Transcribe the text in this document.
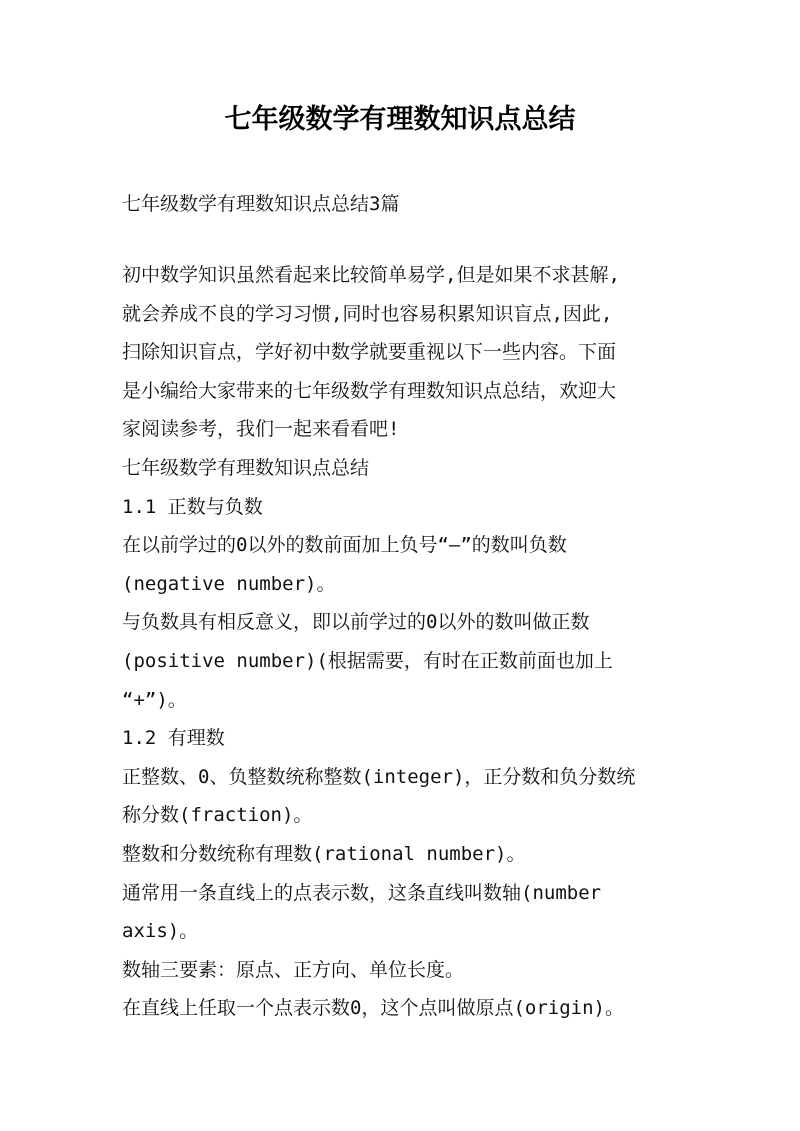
七年级数学有理数知识点总结

七年级数学有理数知识点总结3篇

初中数学知识虽然看起来比较简单易学,但是如果不求甚解,
就会养成不良的学习习惯,同时也容易积累知识盲点,因此,
扫除知识盲点，学好初中数学就要重视以下一些内容。下面
是小编给大家带来的七年级数学有理数知识点总结，欢迎大
家阅读参考，我们一起来看看吧!
七年级数学有理数知识点总结
1.1 正数与负数
在以前学过的0以外的数前面加上负号“—”的数叫负数
(negative number)。
与负数具有相反意义，即以前学过的0以外的数叫做正数
(positive number)(根据需要，有时在正数前面也加上
“+”)。
1.2 有理数
正整数、0、负整数统称整数(integer)，正分数和负分数统
称分数(fraction)。
整数和分数统称有理数(rational number)。
通常用一条直线上的点表示数，这条直线叫数轴(number
axis)。
数轴三要素：原点、正方向、单位长度。
在直线上任取一个点表示数0，这个点叫做原点(origin)。
